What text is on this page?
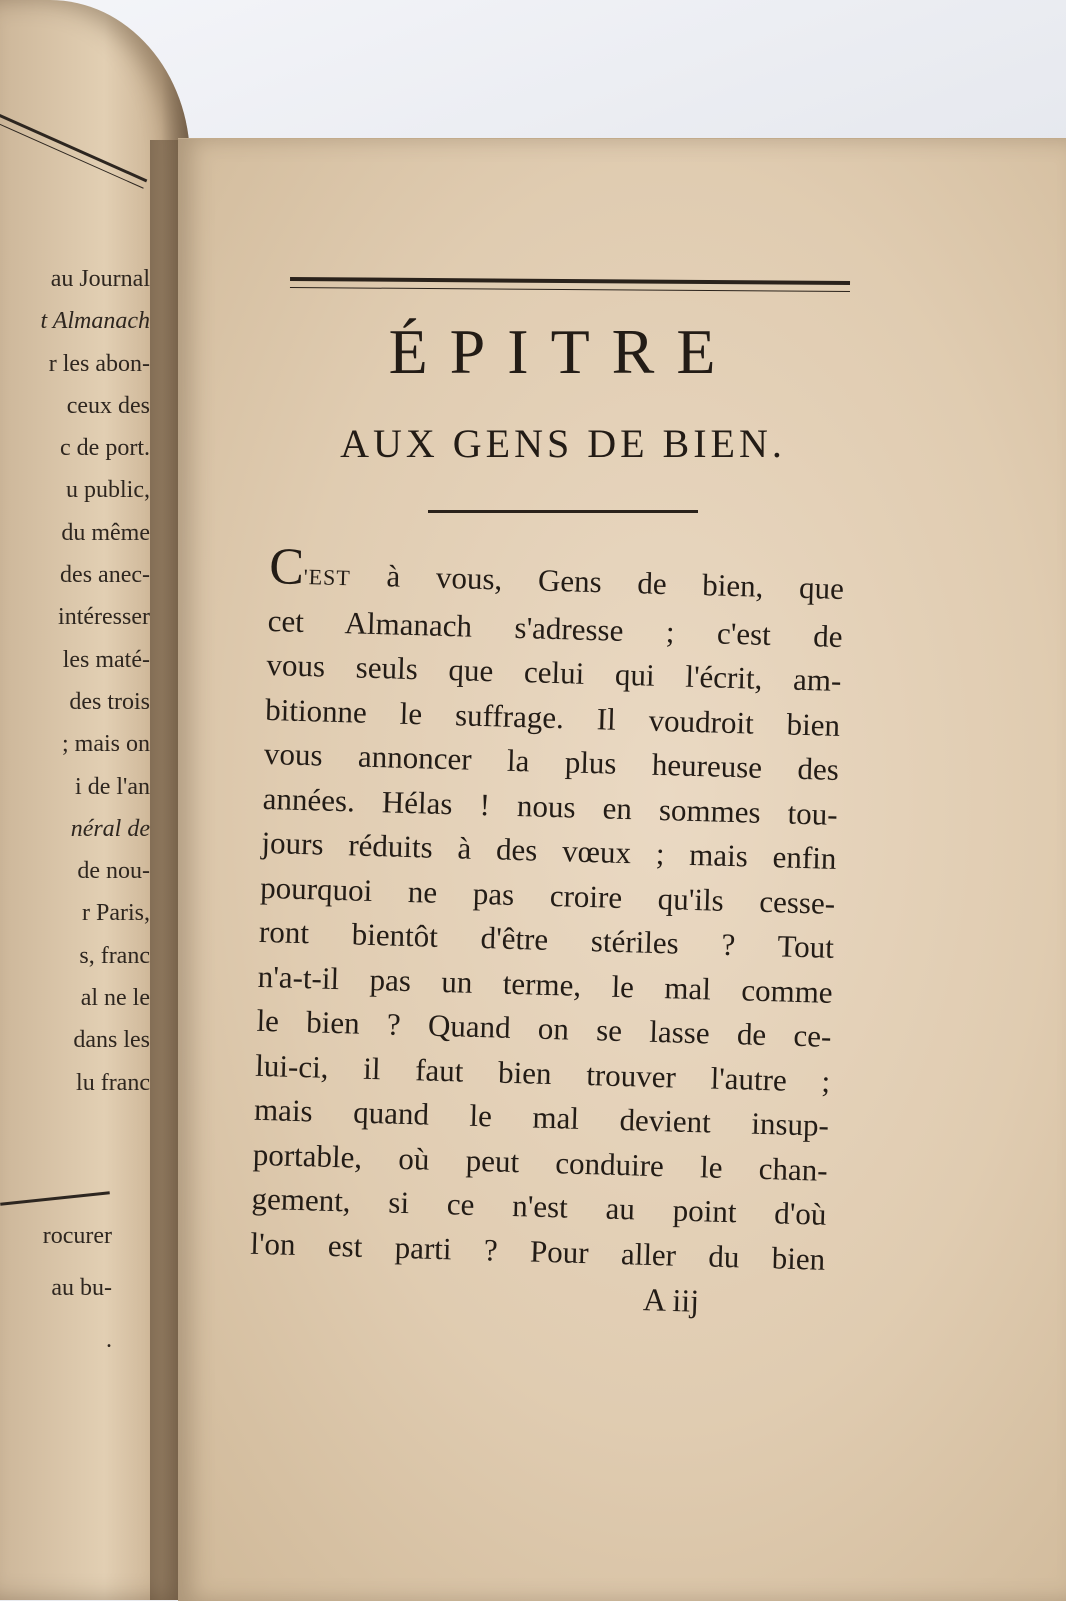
au Journal
t Almanach
r les abon-
ceux des
c de port.
u public,
du même
des anec-
intéresser
les maté-
des trois
; mais on
i de l'an
néral de
de nou-
r Paris,
s, franc
al ne le
dans les
lu franc
rocurer
au bu-
.
ÉPITRE
AUX GENS DE BIEN.
C'EST à vous, Gens de bien, que
cet Almanach s'adresse ; c'est de
vous seuls que celui qui l'écrit, am-
bitionne le suffrage. Il voudroit bien
vous annoncer la plus heureuse des
années. Hélas ! nous en sommes tou-
jours réduits à des vœux ; mais enfin
pourquoi ne pas croire qu'ils cesse-
ront bientôt d'être stériles ? Tout
n'a-t-il pas un terme, le mal comme
le bien ? Quand on se lasse de ce-
lui-ci, il faut bien trouver l'autre ;
mais quand le mal devient insup-
portable, où peut conduire le chan-
gement, si ce n'est au point d'où
l'on est parti ? Pour aller du bien
A iij
